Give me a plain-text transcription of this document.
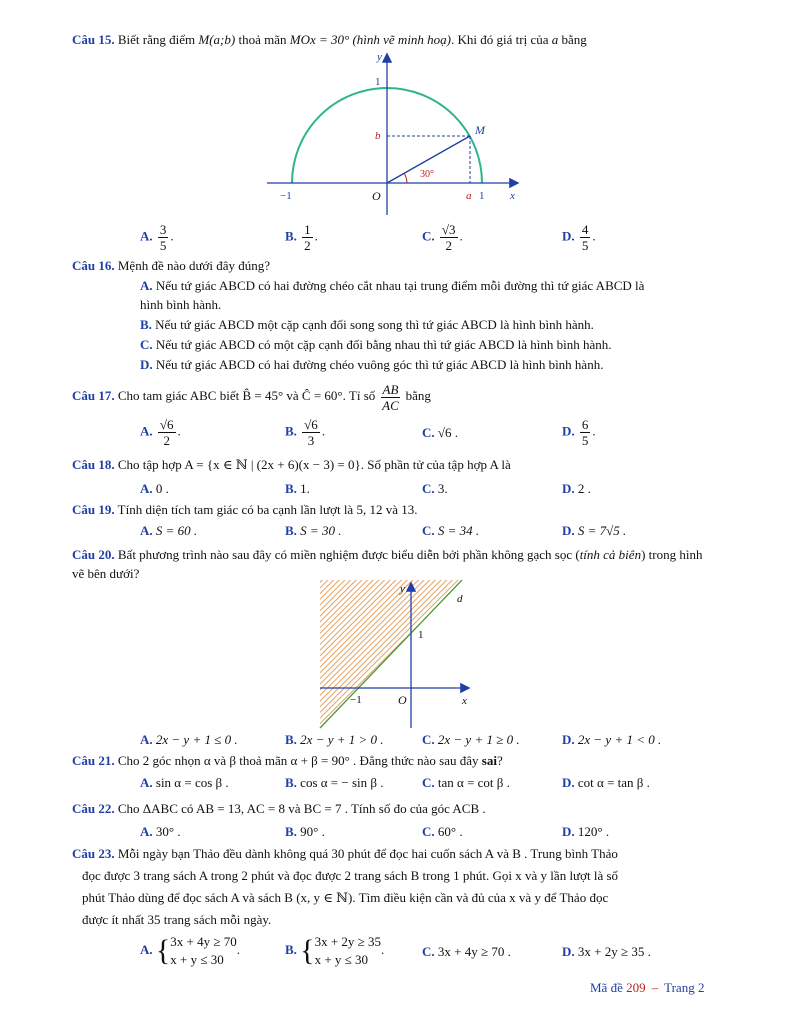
Câu 15. Biết rằng điểm M(a;b) thoả mãn MOx = 30° (hình vẽ minh hoạ). Khi đó giá trị của a bằng
y
x
1
b	M
30°
−1	O	a 1
A. $\frac{3}{5}$ .	B. $\frac{1}{2}$ .	C. $\frac{√3}{2}$ .	D. $\frac{4}{5}$ .
Câu 16. Mệnh đề nào dưới đây đúng?
A. Nếu tứ giác ABCD có hai đường chéo cắt nhau tại trung điểm mỗi đường thì tứ giác ABCD là
hình bình hành.
B. Nếu tứ giác ABCD một cặp cạnh đối song song thì tứ giác ABCD là hình bình hành.
C. Nếu tứ giác ABCD có một cặp cạnh đối bằng nhau thì tứ giác ABCD là hình bình hành.
D. Nếu tứ giác ABCD có hai đường chéo vuông góc thì tứ giác ABCD là hình bình hành.
Câu 17. Cho tam giác ABC biết B̂ = 45° và Ĉ = 60°. Tỉ số $\frac{AB}{AC}$ bằng
A. $\frac{√6}{2}$ .	B. $\frac{√6}{3}$ .	C. √6 .	D. $\frac{6}{5}$ .
Câu 18. Cho tập hợp A = {x ∈ ℕ | (2x + 6)(x − 3) = 0}. Số phần tử của tập hợp A là
A. 0 .	B. 1.	C. 3.	D. 2 .
Câu 19. Tính diện tích tam giác có ba cạnh lần lượt là 5, 12 và 13.
A. S = 60 .	B. S = 30 .	C. S = 34 .	D. S = 7√5 .
Câu 20. Bất phương trình nào sau đây có miền nghiệm được biểu diễn bởi phần không gạch sọc (tính cả biên) trong hình vẽ bên dưới?
y
d
1
−1	O	x
A. 2x − y + 1 ≤ 0 .	B. 2x − y + 1 > 0 .	C. 2x − y + 1 ≥ 0 .	D. 2x − y + 1 < 0 .
Câu 21. Cho 2 góc nhọn α và β thoả mãn α + β = 90° . Đẳng thức nào sau đây sai?
A. sin α = cos β .	B. cos α = − sin β .	C. tan α = cot β .	D. cot α = tan β .
Câu 22. Cho ΔABC có AB = 13, AC = 8 và BC = 7 . Tính số đo của góc ACB .
A. 30° .	B. 90° .	C. 60° .	D. 120° .
Câu 23. Mỗi ngày bạn Thảo đều dành không quá 30 phút để đọc hai cuốn sách A và B . Trung bình Thảo
đọc được 3 trang sách A trong 2 phút và đọc được 2 trang sách B trong 1 phút. Gọi x và y lần lượt là số
phút Thảo dùng để đọc sách A và sách B (x, y ∈ ℕ). Tìm điều kiện cần và đủ của x và y để Thảo đọc
được ít nhất 35 trang sách mỗi ngày.
A. {3x + 4y ≥ 70
x + y ≤ 30.	B. {3x + 2y ≥ 35
x + y ≤ 30.	C. 3x + 4y ≥ 70 .	D. 3x + 2y ≥ 35 .
Mã đề 209 – Trang 2
